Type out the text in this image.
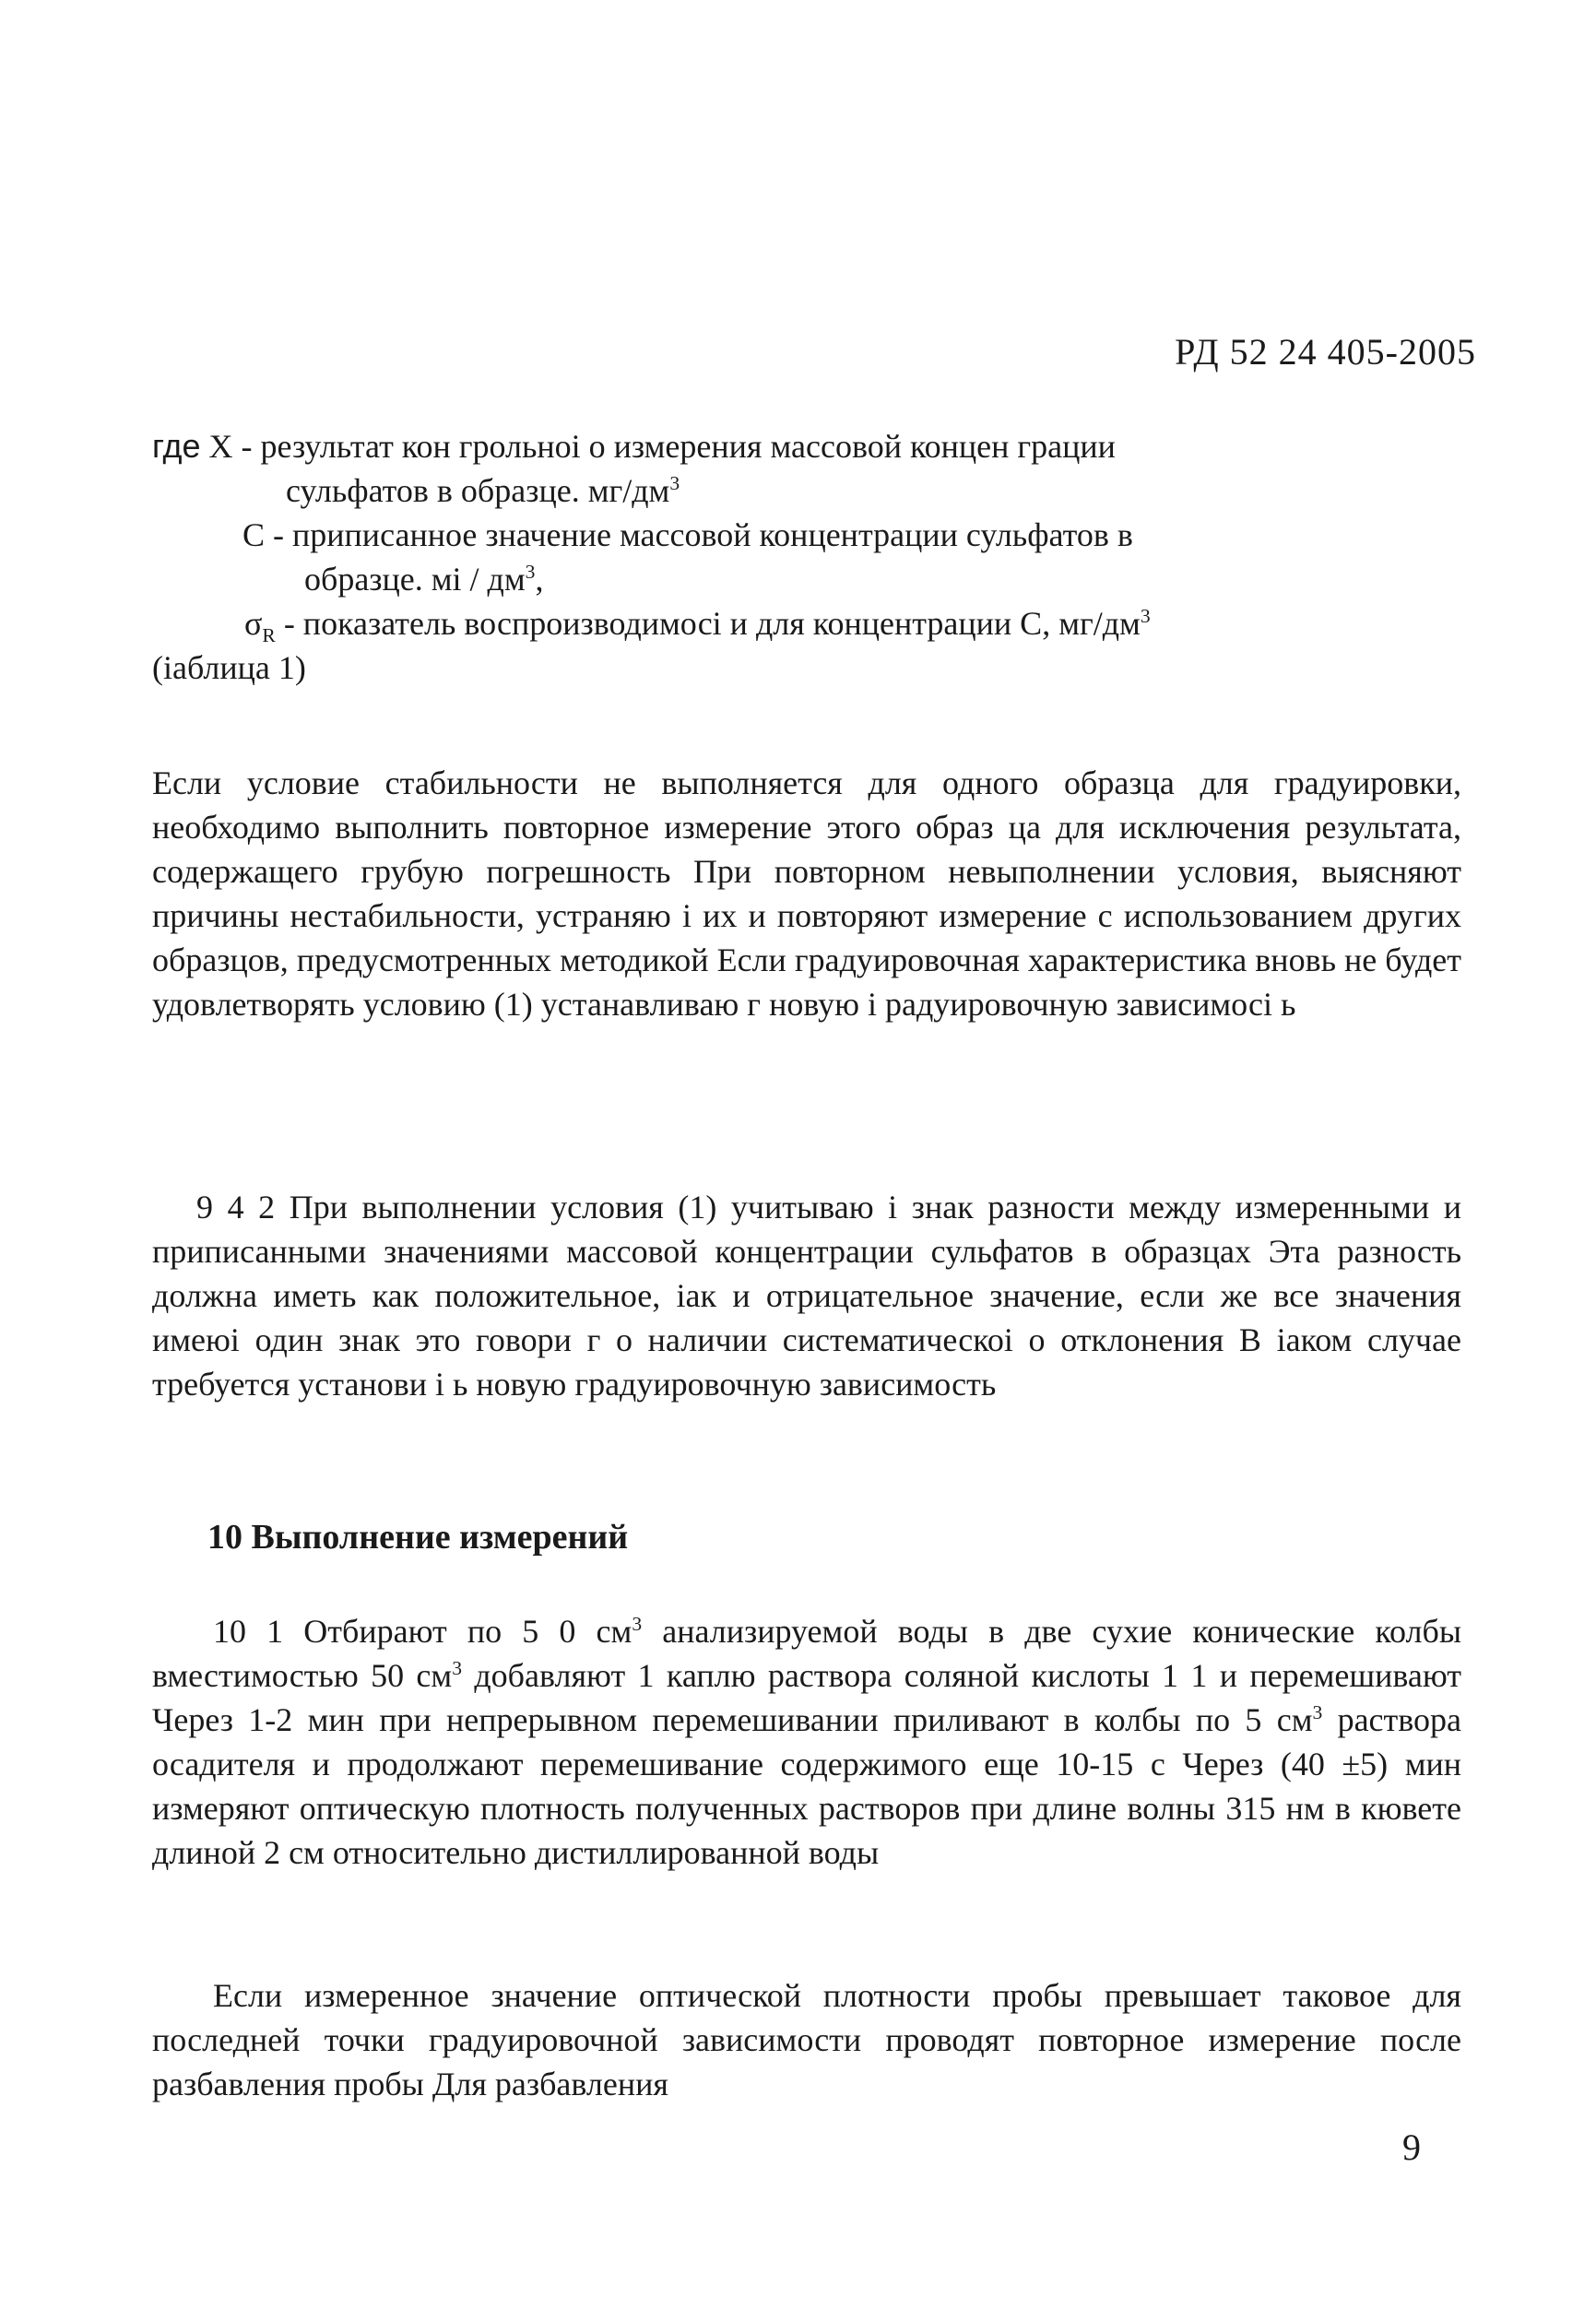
РД 52 24 405-2005
где X - результат кон грольноі о измерения массовой концен грации
сульфатов в образце. $мг/дм^3$
С - приписанное значение массовой концентрации сульфатов в
образце. мі / $дм^3$,
$\sigma_R$ - показатель воспроизводимосі и для концентрации С, $мг/дм^3$
(іаблица 1)

Если условие стабильности не выполняется для одного образца для градуировки, необходимо выполнить повторное измерение этого образ ца для исключения результата, содержащего грубую погрешность При повторном невыполнении условия, выясняют причины нестабильности, устраняю і их и повторяют измерение с использованием других образцов, предусмотренных методикой Если градуировочная характеристика вновь не будет удовлетворять условию (1) устанавливаю г новую і радуировочную зависимосі ь

9 4 2 При выполнении условия (1) учитываю і знак разности между измеренными и приписанными значениями массовой концентрации сульфатов в образцах Эта разность должна иметь как положительное, іак и отрицательное значение, если же все значения имеюі один знак это говори г о наличии систематическоі о отклонения В іаком случае требуется установи і ь новую градуировочную зависимость

10 Выполнение измерений

10 1 Отбирают по 5 0 $см^3$ анализируемой воды в две сухие конические колбы вместимостью 50 $см^3$ добавляют 1 каплю раствора соляной кислоты 1 1 и перемешивают Через 1-2 мин при непрерывном перемешивании приливают в колбы по 5 $см^3$ раствора осадителя и продолжают перемешивание содержимого еще 10-15 с Через (40 ±5) мин измеряют оптическую плотность полученных растворов при длине волны 315 нм в кювете длиной 2 см относительно дистиллированной воды

Если измеренное значение оптической плотности пробы превышает таковое для последней точки градуировочной зависимости проводят повторное измерение после разбавления пробы Для разбавления

9
